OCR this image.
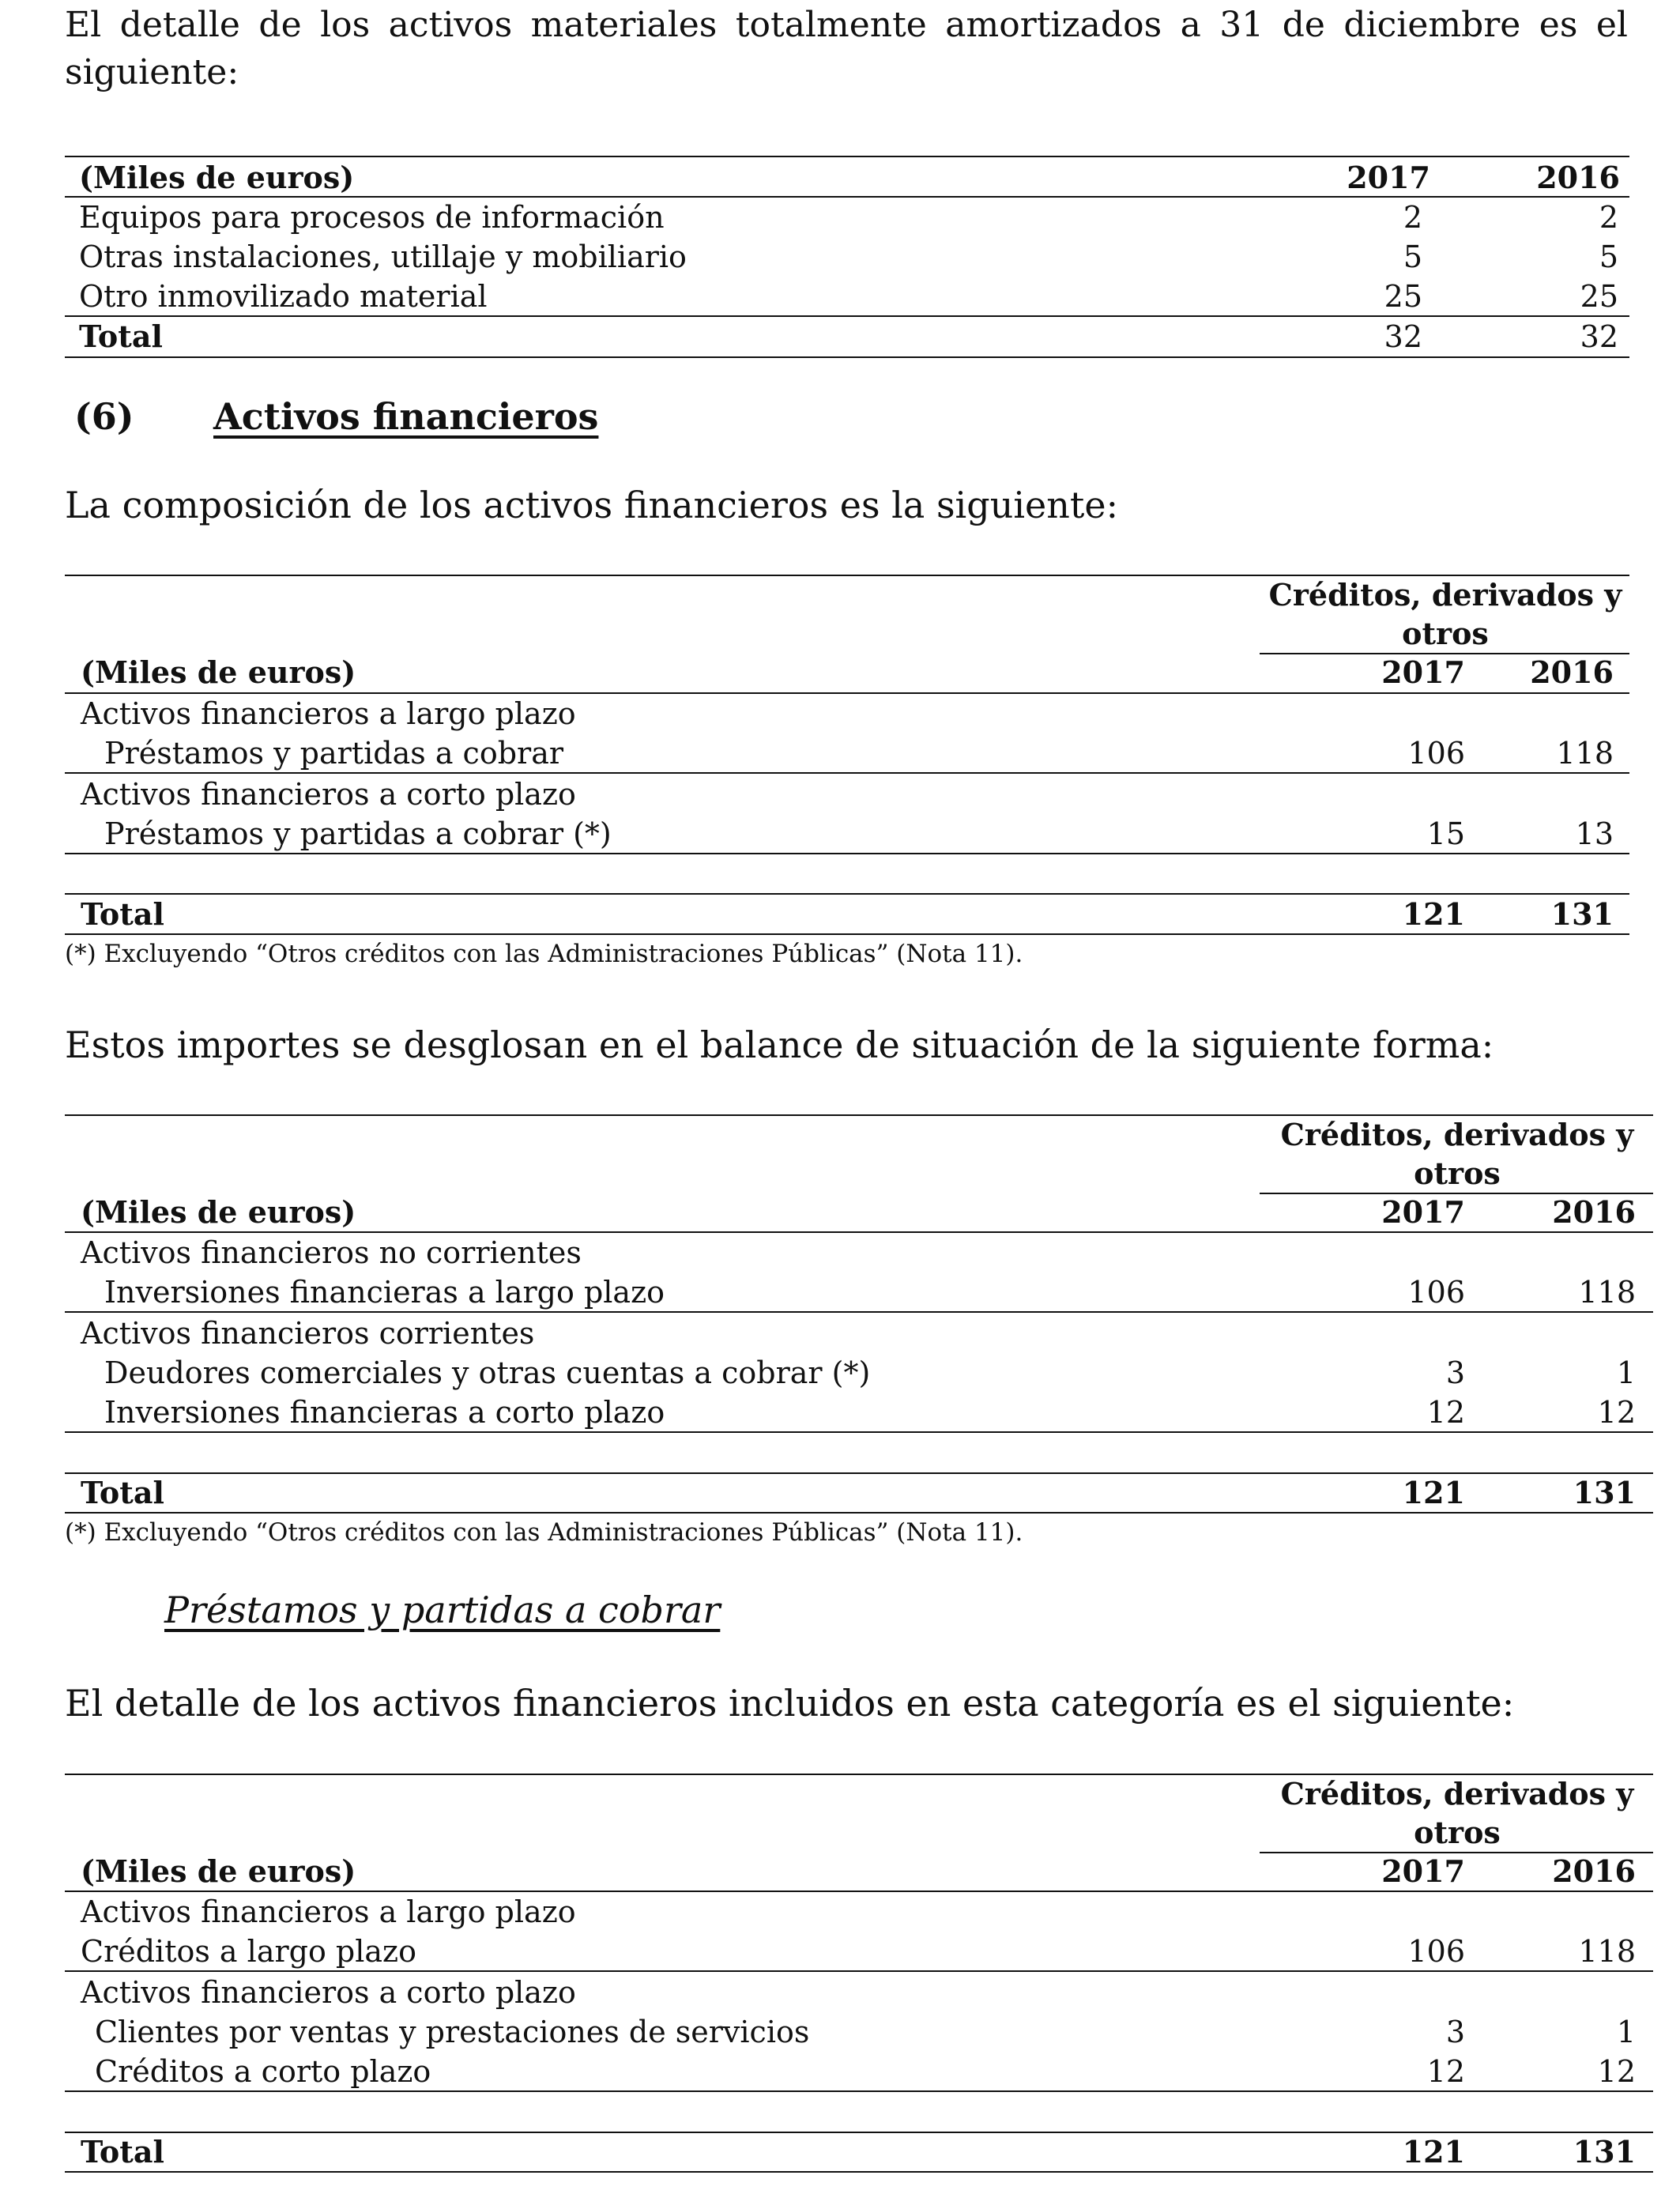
El detalle de los activos materiales totalmente amortizados a 31 de diciembre es el siguiente:
(Miles de euros)	2017	2016
Equipos para procesos de información	2	2
Otras instalaciones, utillaje y mobiliario	5	5
Otro inmovilizado material	25	25
Total	32	32
(6) Activos financieros
La composición de los activos financieros es la siguiente:
Créditos, derivados y
otros
(Miles de euros)	2017 2016
Activos financieros a largo plazo
Préstamos y partidas a cobrar	106	118
Activos financieros a corto plazo
Préstamos y partidas a cobrar (*)	15	13
Total	121	131
(*) Excluyendo “Otros créditos con las Administraciones Públicas” (Nota 11).
Estos importes se desglosan en el balance de situación de la siguiente forma:
Créditos, derivados y
otros
(Miles de euros)	2017	2016
Activos financieros no corrientes
Inversiones financieras a largo plazo	106	118
Activos financieros corrientes
Deudores comerciales y otras cuentas a cobrar (*)	3	1
Inversiones financieras a corto plazo	12	12
Total	121	131
(*) Excluyendo “Otros créditos con las Administraciones Públicas” (Nota 11).
Préstamos y partidas a cobrar
El detalle de los activos financieros incluidos en esta categoría es el siguiente:
Créditos, derivados y
otros
(Miles de euros)	2017	2016
Activos financieros a largo plazo
Créditos a largo plazo	106	118
Activos financieros a corto plazo
Clientes por ventas y prestaciones de servicios	3	1
Créditos a corto plazo	12	12
Total	121	131
